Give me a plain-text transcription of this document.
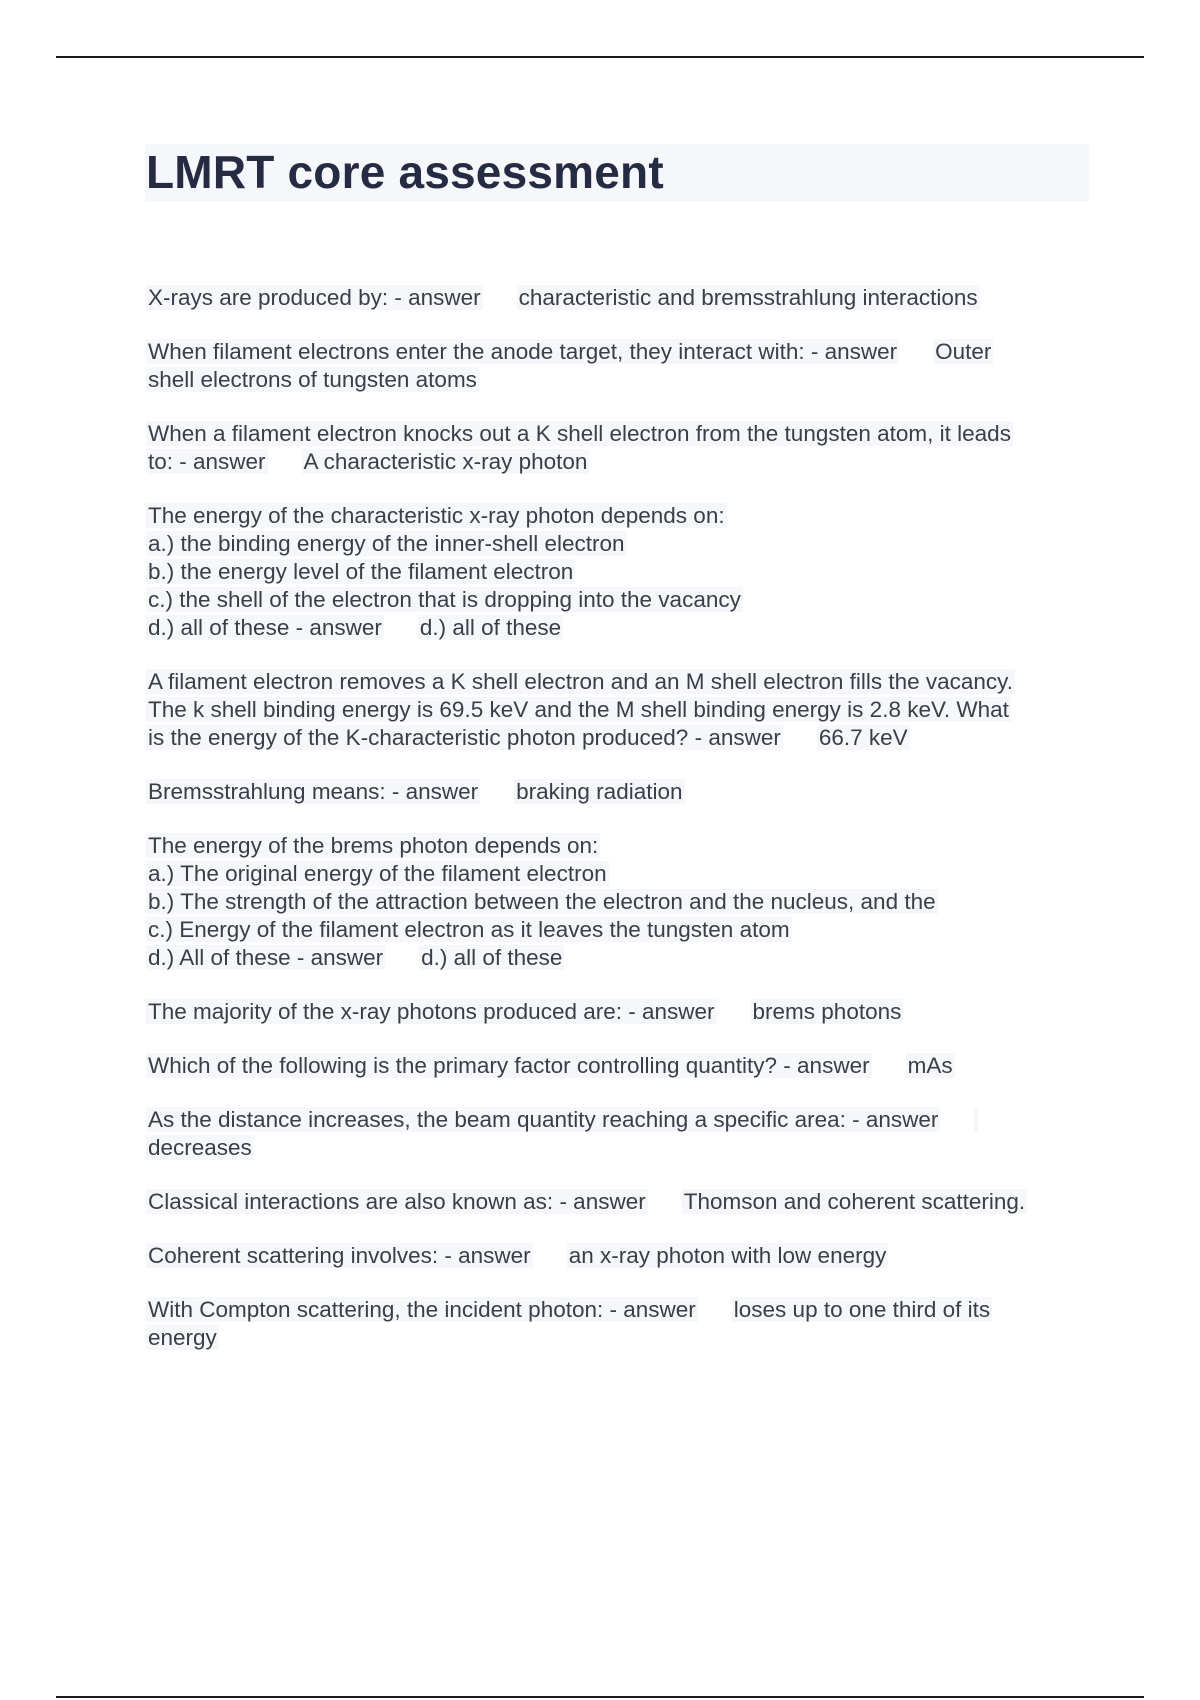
LMRT core assessment

X-rays are produced by: - answer characteristic and bremsstrahlung interactions

When filament electrons enter the anode target, they interact with: - answer Outer
shell electrons of tungsten atoms

When a filament electron knocks out a K shell electron from the tungsten atom, it leads
to: - answer A characteristic x-ray photon

The energy of the characteristic x-ray photon depends on:
a.) the binding energy of the inner-shell electron
b.) the energy level of the filament electron
c.) the shell of the electron that is dropping into the vacancy
d.) all of these - answer d.) all of these

A filament electron removes a K shell electron and an M shell electron fills the vacancy.
The k shell binding energy is 69.5 keV and the M shell binding energy is 2.8 keV. What
is the energy of the K-characteristic photon produced? - answer 66.7 keV

Bremsstrahlung means: - answer braking radiation

The energy of the brems photon depends on:
a.) The original energy of the filament electron
b.) The strength of the attraction between the electron and the nucleus, and the
c.) Energy of the filament electron as it leaves the tungsten atom
d.) All of these - answer d.) all of these

The majority of the x-ray photons produced are: - answer brems photons

Which of the following is the primary factor controlling quantity? - answer mAs

As the distance increases, the beam quantity reaching a specific area: - answer
decreases

Classical interactions are also known as: - answer Thomson and coherent scattering.

Coherent scattering involves: - answer an x-ray photon with low energy

With Compton scattering, the incident photon: - answer loses up to one third of its
energy
